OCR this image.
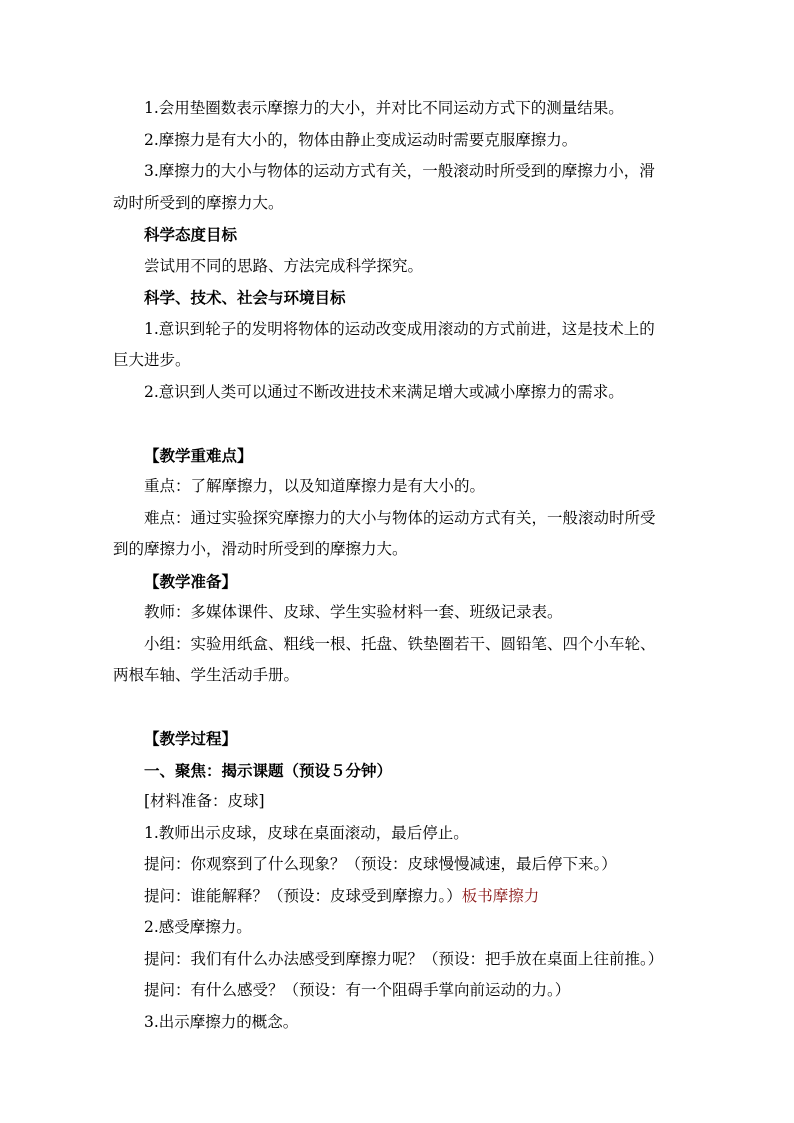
1.会用垫圈数表示摩擦力的大小，并对比不同运动方式下的测量结果。

2.摩擦力是有大小的，物体由静止变成运动时需要克服摩擦力。

3.摩擦力的大小与物体的运动方式有关，一般滚动时所受到的摩擦力小，滑

动时所受到的摩擦力大。

科学态度目标

尝试用不同的思路、方法完成科学探究。

科学、技术、社会与环境目标

1.意识到轮子的发明将物体的运动改变成用滚动的方式前进，这是技术上的

巨大进步。

2.意识到人类可以通过不断改进技术来满足增大或减小摩擦力的需求。

【教学重难点】

重点：了解摩擦力，以及知道摩擦力是有大小的。

难点：通过实验探究摩擦力的大小与物体的运动方式有关，一般滚动时所受

到的摩擦力小，滑动时所受到的摩擦力大。

【教学准备】

教师：多媒体课件、皮球、学生实验材料一套、班级记录表。

小组：实验用纸盒、粗线一根、托盘、铁垫圈若干、圆铅笔、四个小车轮、

两根车轴、学生活动手册。

【教学过程】

一、聚焦：揭示课题（预设５分钟）

[材料准备：皮球]

1.教师出示皮球，皮球在桌面滚动，最后停止。

提问：你观察到了什么现象？（预设：皮球慢慢减速，最后停下来。）

提问：谁能解释？（预设：皮球受到摩擦力。）板书摩擦力

2.感受摩擦力。

提问：我们有什么办法感受到摩擦力呢？（预设：把手放在桌面上往前推。）

提问：有什么感受？（预设：有一个阻碍手掌向前运动的力。）

3.出示摩擦力的概念。
